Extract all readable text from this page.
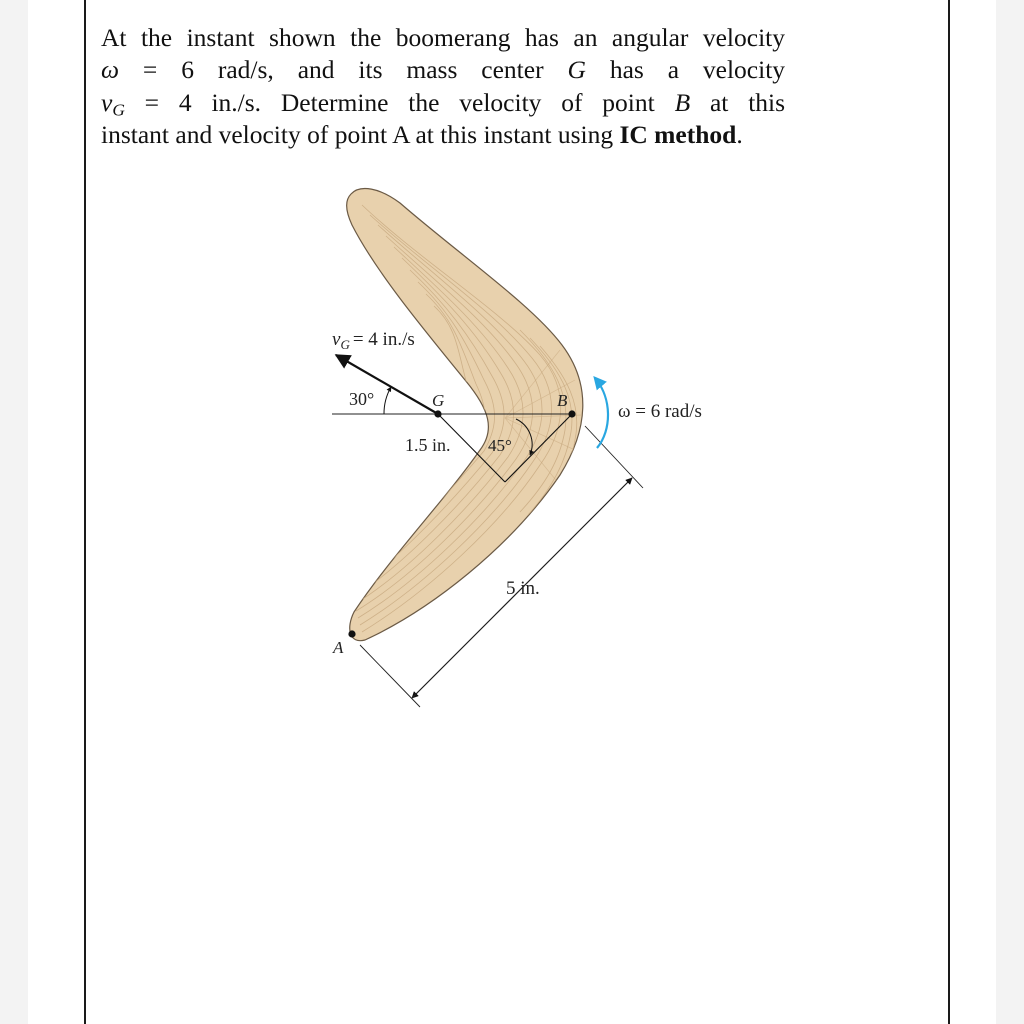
At the instant shown the boomerang has an angular velocity
ω = 6 rad/s, and its mass center G has a velocity
$v_G = 4$ in./s. Determine the velocity of point B at this
instant and velocity of point A at this instant using IC method.

$v_G = 4$ in./s
30°	G	B
A
ω = 6 rad/s
1.5 in. 45°
5 in.
